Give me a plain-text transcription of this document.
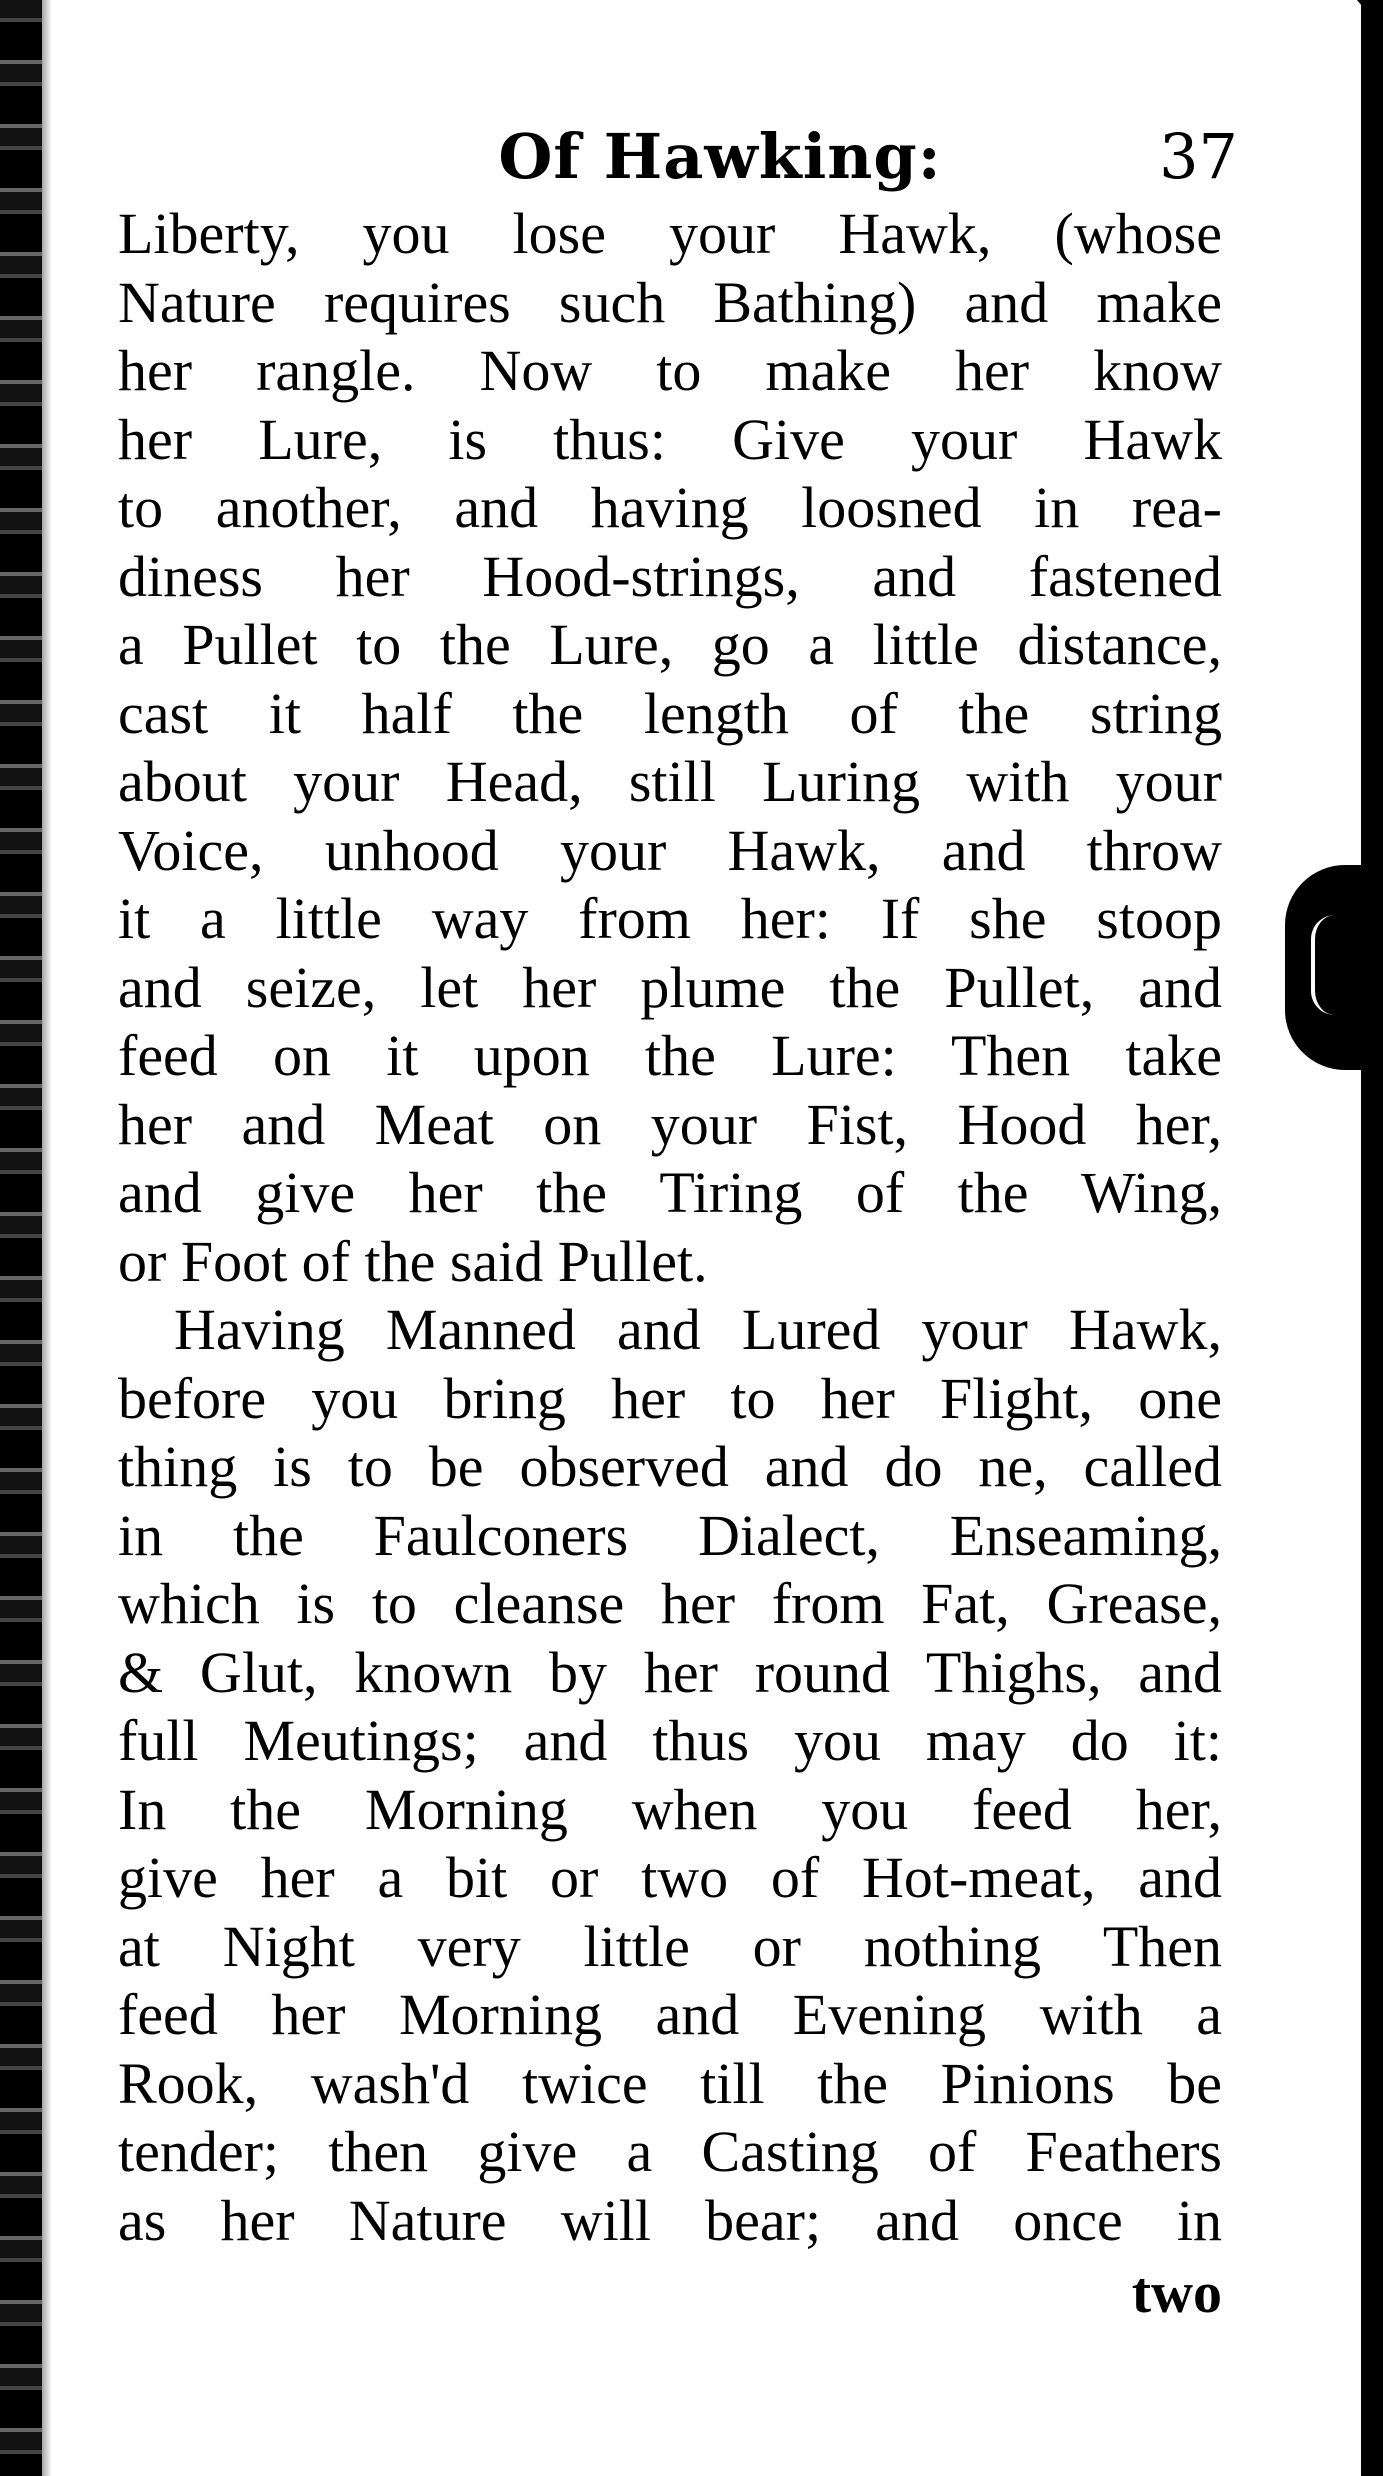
Of Hawking:	37
Liberty, you lose your Hawk, (whose
Nature requires such Bathing) and make
her rangle. Now to make her know
her Lure, is thus: Give your Hawk
to another, and having loosned in rea-
diness her Hood-strings, and fastened
a Pullet to the Lure, go a little distance,
cast it half the length of the string
about your Head, still Luring with your
Voice, unhood your Hawk, and throw
it a little way from her: If she stoop
and seize, let her plume the Pullet, and
feed on it upon the Lure: Then take
her and Meat on your Fist, Hood her,
and give her the Tiring of the Wing,
or Foot of the said Pullet.
Having Manned and Lured your Hawk,
before you bring her to her Flight, one
thing is to be observed and do ne, called
in the Faulconers Dialect, Enseaming,
which is to cleanse her from Fat, Grease,
& Glut, known by her round Thighs, and
full Meutings; and thus you may do it:
In the Morning when you feed her,
give her a bit or two of Hot-meat, and
at Night very little or nothing Then
feed her Morning and Evening with a
Rook, wash'd twice till the Pinions be
tender; then give a Casting of Feathers
as her Nature will bear; and once in
two
